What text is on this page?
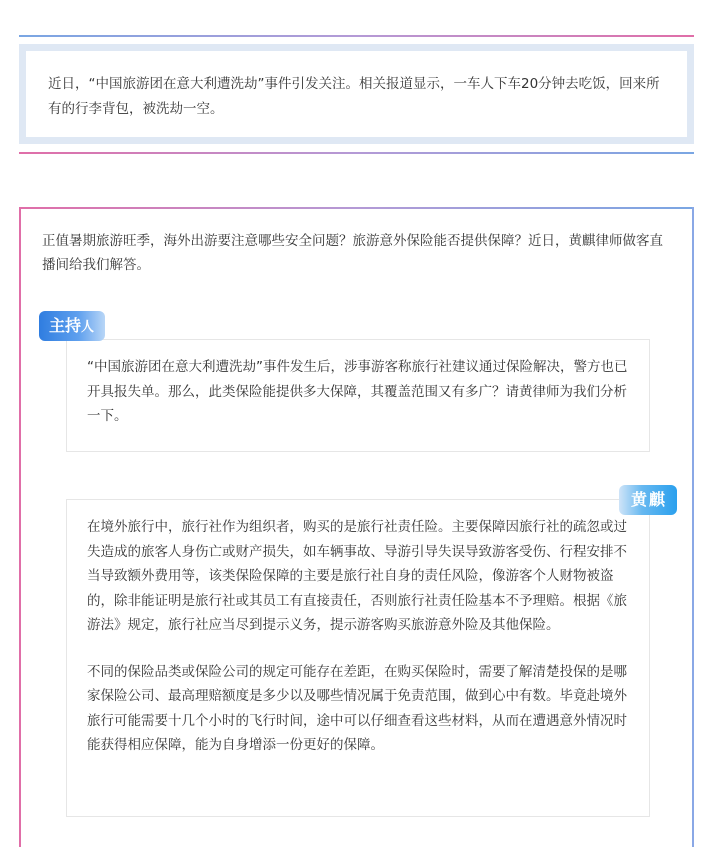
近日，“中国旅游团在意大利遭洗劫”事件引发关注。相关报道显示，一车人下车20分钟去吃饭，回来所有的行李背包，被洗劫一空。
正值暑期旅游旺季，海外出游要注意哪些安全问题？旅游意外保险能否提供保障？近日，黄麒律师做客直播间给我们解答。

“中国旅游团在意大利遭洗劫”事件发生后，涉事游客称旅行社建议通过保险解决，警方也已开具报失单。那么，此类保险能提供多大保障，其覆盖范围又有多广？请黄律师为我们分析一下。

主持人

在境外旅行中，旅行社作为组织者，购买的是旅行社责任险。主要保障因旅行社的疏忽或过失造成的旅客人身伤亡或财产损失，如车辆事故、导游引导失误导致游客受伤、行程安排不当导致额外费用等，该类保险保障的主要是旅行社自身的责任风险，像游客个人财物被盗的，除非能证明是旅行社或其员工有直接责任，否则旅行社责任险基本不予理赔。根据《旅游法》规定，旅行社应当尽到提示义务，提示游客购买旅游意外险及其他保险。

不同的保险品类或保险公司的规定可能存在差距，在购买保险时，需要了解清楚投保的是哪家保险公司、最高理赔额度是多少以及哪些情况属于免责范围，做到心中有数。毕竟赴境外旅行可能需要十几个小时的飞行时间，途中可以仔细查看这些材料，从而在遭遇意外情况时能获得相应保障，能为自身增添一份更好的保障。

黄麒
